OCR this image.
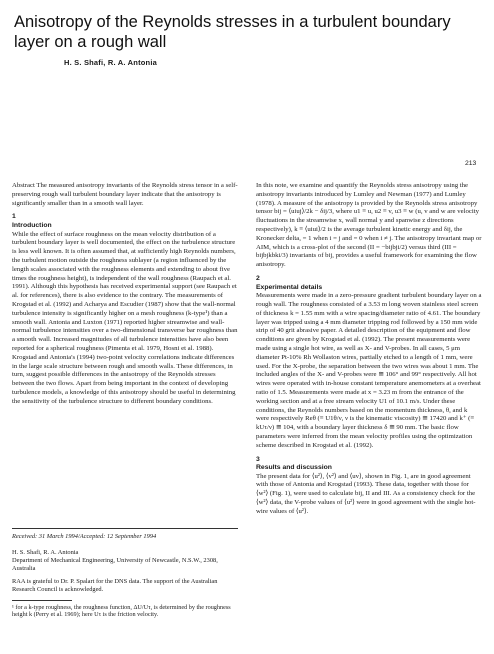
Anisotropy of the Reynolds stresses in a turbulent boundary layer on a rough wall
H. S. Shafi, R. A. Antonia
213

Abstract The measured anisotropy invariants of the Reynolds stress tensor in a self-preserving rough wall turbulent boundary layer indicate that the anisotropy is significantly smaller than in a smooth wall layer.

1
Introduction

While the effect of surface roughness on the mean velocity distribution of a turbulent boundary layer is well documented, the effect on the turbulence structure is less well known. It is often assumed that, at sufficiently high Reynolds numbers, the turbulent motion outside the roughness sublayer (a region influenced by the length scales associated with the roughness elements and extending to about five times the roughness height), is independent of the wall roughness (Raupach et al. 1991). Although this hypothesis has received experimental support (see Raupach et al. for references), there is also evidence to the contrary. The measurements of Krogstad et al. (1992) and Acharya and Escudier (1987) show that the wall-normal turbulence intensity is significantly higher on a mesh roughness (k-type¹) than a smooth wall. Antonia and Luxton (1971) reported higher streamwise and wall-normal turbulence intensities over a two-dimensional transverse bar roughness than a smooth wall. Increased magnitudes of all turbulence intensities have also been reported for a spherical roughness (Pimenta et al. 1979, Hosni et al. 1988). Krogstad and Antonia's (1994) two-point velocity correlations indicate differences in the large scale structure between rough and smooth walls. These differences, in turn, suggest possible differences in the anisotropy of the Reynolds stresses between the two flows. Apart from being important in the context of developing turbulence models, a knowledge of this anisotropy should be useful in determining the sensitivity of the turbulence structure to different boundary conditions.

Received: 31 March 1994/Accepted: 12 September 1994
H. S. Shafi, R. A. Antonia
Department of Mechanical Engineering, University of Newcastle, N.S.W., 2308, Australia
RAA is grateful to Dr. P. Spalart for the DNS data. The support of the Australian Research Council is acknowledged.
¹ for a k-type roughness, the roughness function, ΔU/Uτ, is determined by the roughness height k (Perry et al. 1969); here Uτ is the friction velocity.

In this note, we examine and quantify the Reynolds stress anisotropy using the anisotropy invariants introduced by Lumley and Newman (1977) and Lumley (1978). A measure of the anisotropy is provided by the Reynolds stress anisotropy tensor bij = ⟨uiuj⟩/2k − δij/3, where u1 ≡ u, u2 ≡ v, u3 ≡ w (u, v and w are velocity fluctuations in the streamwise x, wall normal y and spanwise z directions respectively), k ≡ ⟨uiui⟩/2 is the average turbulent kinetic energy and δij, the Kronecker delta, = 1 when i = j and = 0 when i ≠ j. The anisotropy invariant map or AIM, which is a cross-plot of the second (II = −bijbji/2) versus third (III = bijbjkbki/3) invariants of bij, provides a useful framework for examining the flow anisotropy.

2
Experimental details

Measurements were made in a zero-pressure gradient turbulent boundary layer on a rough wall. The roughness consisted of a 3.53 m long woven stainless steel screen of thickness k = 1.55 mm with a wire spacing/diameter ratio of 4.61. The boundary layer was tripped using a 4 mm diameter tripping rod followed by a 150 mm wide strip of 40 grit abrasive paper. A detailed description of the equipment and flow conditions are given by Krogstad et al. (1992). The present measurements were made using a single hot wire, as well as X- and V-probes. In all cases, 5 μm diameter Pt-10% Rh Wollaston wires, partially etched to a length of 1 mm, were used. For the X-probe, the separation between the two wires was about 1 mm. The included angles of the X- and V-probes were ≅ 106° and 99° respectively. All hot wires were operated with in-house constant temperature anemometers at a overheat ratio of 1.5. Measurements were made at x = 3.23 m from the entrance of the working section and at a free stream velocity U1 of 10.1 m/s. Under these conditions, the Reynolds numbers based on the momentum thickness, θ, and k were respectively Reθ (≡ U1θ/ν, ν is the kinematic viscosity) ≅ 17420 and k⁺ (≡ kUτ/ν) ≅ 104, with a boundary layer thickness δ ≅ 90 mm. The basic flow parameters were inferred from the mean velocity profiles using the optimization scheme described in Krogstad et al. (1992).

3
Results and discussion

The present data for ⟨u²⟩, ⟨v²⟩ and ⟨uv⟩, shown in Fig. 1, are in good agreement with those of Antonia and Krogstad (1993). These data, together with those for ⟨w²⟩ (Fig. 1), were used to calculate bij, II and III. As a consistency check for the ⟨w²⟩ data, the V-probe values of ⟨u²⟩ were in good agreement with the single hot-wire values of ⟨u²⟩.
